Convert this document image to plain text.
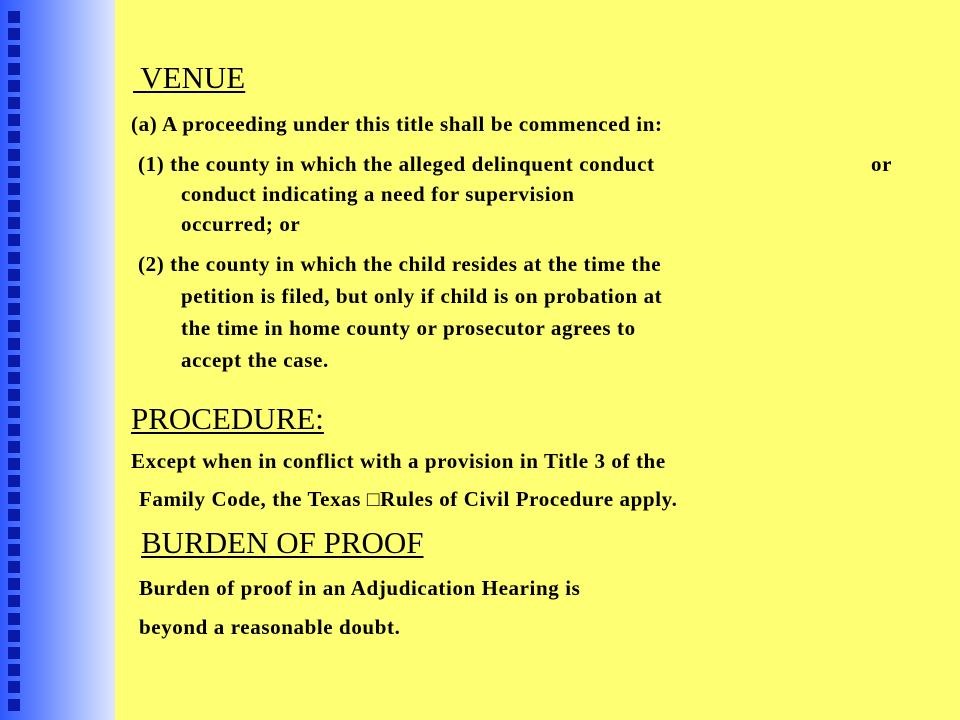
VENUE
(a) A proceeding under this title shall be commenced in:
(1) the county in which the alleged delinquent conduct	or
conduct indicating a need for supervision
occurred; or
(2) the county in which the child resides at the time the
petition is filed, but only if child is on probation at
the time in home county or prosecutor agrees to
accept the case.
PROCEDURE:
Except when in conflict with a provision in Title 3 of the
Family Code, the Texas □Rules of Civil Procedure apply.
BURDEN OF PROOF
Burden of proof in an Adjudication Hearing is
beyond a reasonable doubt.
